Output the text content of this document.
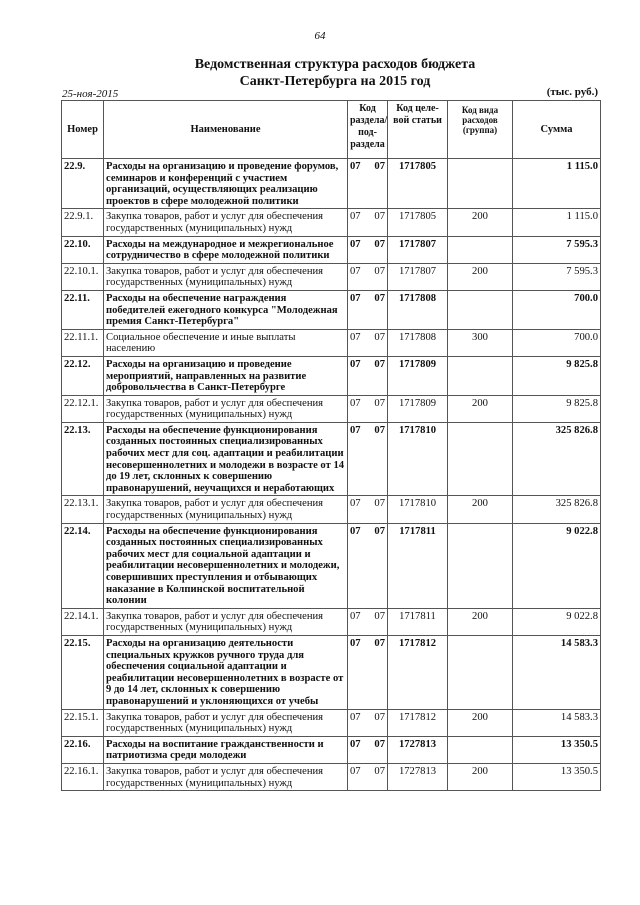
64
Ведомственная структура расходов бюджета
Санкт-Петербурга на 2015 год
25-ноя-2015	(тыс. руб.)
Номер	Наименование	Код раздела/ под-раздела	Код целе-вой статьи	Код вида расходов (группа)	Сумма
22.9.	Расходы на организацию и проведение форумов, семинаров и конференций с участием организаций, осуществляющих реализацию проектов в сфере молодежной политики	07 07	1717805		1 115.0
22.9.1.	Закупка товаров, работ и услуг для обеспечения государственных (муниципальных) нужд	07 07	1717805	200	1 115.0
22.10.	Расходы на международное и межрегиональное сотрудничество в сфере молодежной политики	07 07	1717807		7 595.3
22.10.1.	Закупка товаров, работ и услуг для обеспечения государственных (муниципальных) нужд	07 07	1717807	200	7 595.3
22.11.	Расходы на обеспечение награждения победителей ежегодного конкурса "Молодежная премия Санкт-Петербурга"	07 07	1717808		700.0
22.11.1.	Социальное обеспечение и иные выплаты населению	07 07	1717808	300	700.0
22.12.	Расходы на организацию и проведение мероприятий, направленных на развитие добровольчества в Санкт-Петербурге	07 07	1717809		9 825.8
22.12.1.	Закупка товаров, работ и услуг для обеспечения государственных (муниципальных) нужд	07 07	1717809	200	9 825.8
22.13.	Расходы на обеспечение функционирования созданных постоянных специализированных рабочих мест для соц. адаптации и реабилитации несовершеннолетних и молодежи в возрасте от 14 до 19 лет, склонных к совершению правонарушений, неучащихся и неработающих	07 07	1717810		325 826.8
22.13.1.	Закупка товаров, работ и услуг для обеспечения государственных (муниципальных) нужд	07 07	1717810	200	325 826.8
22.14.	Расходы на обеспечение функционирования созданных постоянных специализированных рабочих мест для социальной адаптации и реабилитации несовершеннолетних и молодежи, совершивших преступления и отбывающих наказание в Колпинской воспитательной колонии	07 07	1717811		9 022.8
22.14.1.	Закупка товаров, работ и услуг для обеспечения государственных (муниципальных) нужд	07 07	1717811	200	9 022.8
22.15.	Расходы на организацию деятельности специальных кружков ручного труда для обеспечения социальной адаптации и реабилитации несовершеннолетних в возрасте от 9 до 14 лет, склонных к совершению правонарушений и уклоняющихся от учебы	07 07	1717812		14 583.3
22.15.1.	Закупка товаров, работ и услуг для обеспечения государственных (муниципальных) нужд	07 07	1717812	200	14 583.3
22.16.	Расходы на воспитание гражданственности и патриотизма среди молодежи	07 07	1727813		13 350.5
22.16.1.	Закупка товаров, работ и услуг для обеспечения государственных (муниципальных) нужд	07 07	1727813	200	13 350.5
